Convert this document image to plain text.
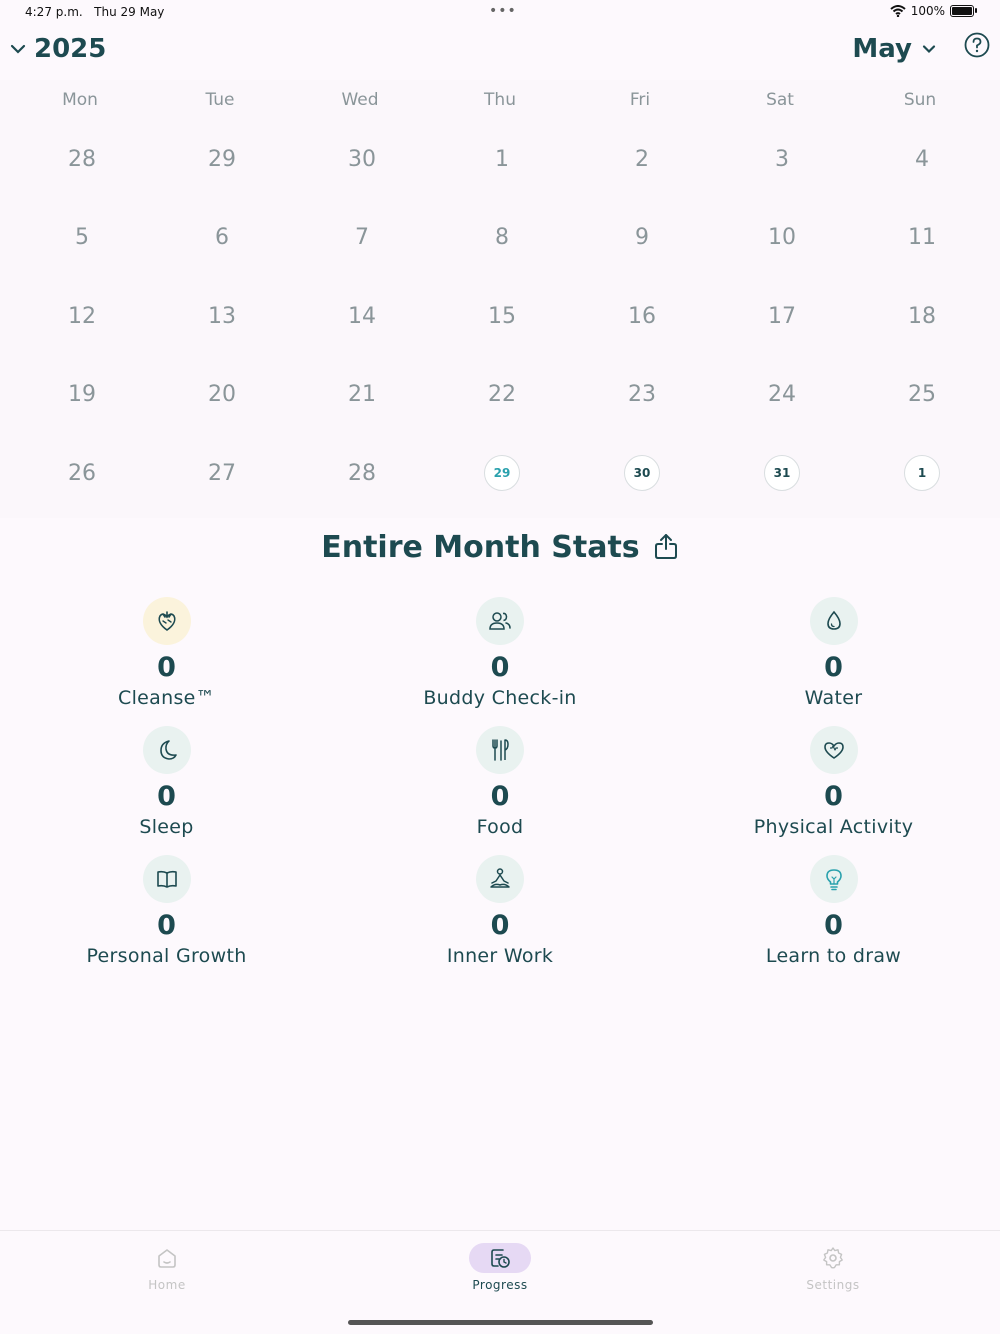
4:27 p.m. Thu 29 May	•••	100%
2025	May
Mon	Tue	Wed	Thu	Fri	Sat	Sun
28	29	30	1	2	3	4
5	6	7	8	9	10	11
12	13	14	15	16	17	18
19	20	21	22	23	24	25
26	27	28	29	30	31	1
Entire Month Stats
0
Cleanse™
0
Buddy Check-in
0
Water
0
Sleep
0
Food
0
Physical Activity
0
Personal Growth
0
Inner Work
0
Learn to draw
Home	Progress	Settings
